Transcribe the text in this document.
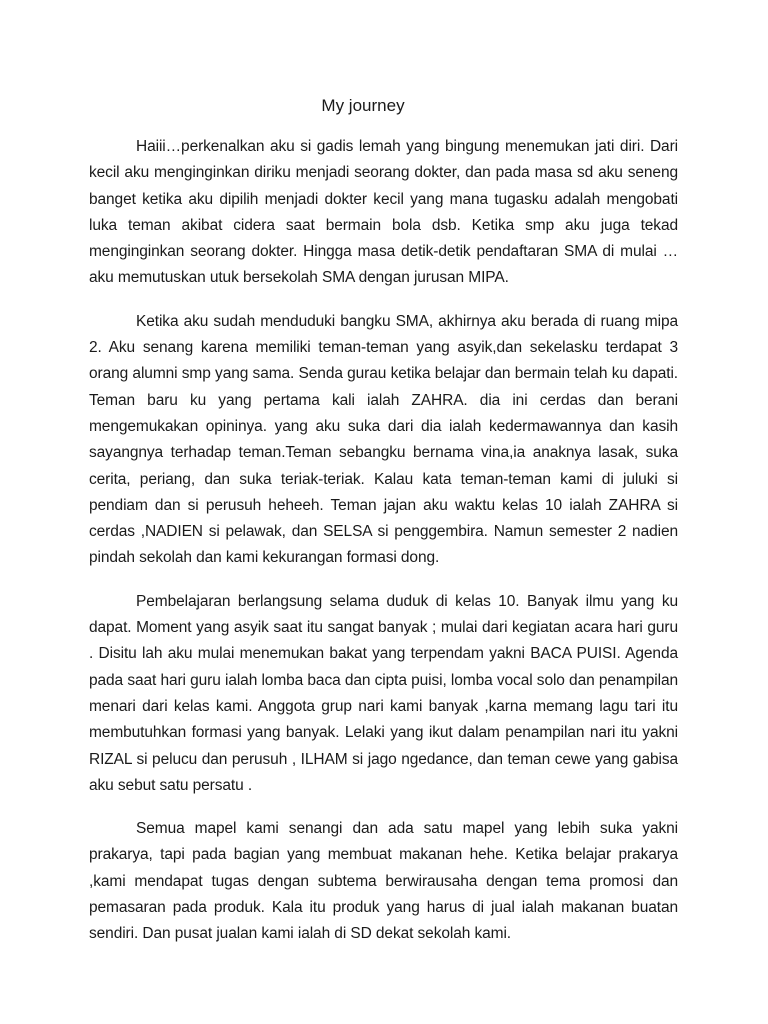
My journey

Haiii…perkenalkan aku si gadis lemah yang bingung menemukan jati diri. Dari kecil aku menginginkan diriku menjadi seorang dokter, dan pada masa sd aku seneng banget ketika aku dipilih menjadi dokter kecil yang mana tugasku adalah mengobati luka teman akibat cidera saat bermain bola dsb. Ketika smp aku juga tekad menginginkan seorang dokter. Hingga masa detik-detik pendaftaran SMA di mulai …aku memutuskan utuk bersekolah SMA dengan jurusan MIPA.

Ketika aku sudah menduduki bangku SMA, akhirnya aku berada di ruang mipa 2. Aku senang karena memiliki teman-teman yang asyik,dan sekelasku terdapat 3 orang alumni smp yang sama. Senda gurau ketika belajar dan bermain telah ku dapati. Teman baru ku yang pertama kali ialah ZAHRA. dia ini cerdas dan berani mengemukakan opininya. yang aku suka dari dia ialah kedermawannya dan kasih sayangnya terhadap teman.Teman sebangku bernama vina,ia anaknya lasak, suka cerita, periang, dan suka teriak-teriak. Kalau kata teman-teman kami di juluki si pendiam dan si perusuh heheeh. Teman jajan aku waktu kelas 10 ialah ZAHRA si cerdas ,NADIEN si pelawak, dan SELSA si penggembira. Namun semester 2 nadien pindah sekolah dan kami kekurangan formasi dong.

Pembelajaran berlangsung selama duduk di kelas 10. Banyak ilmu yang ku dapat. Moment yang asyik saat itu sangat banyak ; mulai dari kegiatan acara hari guru . Disitu lah aku mulai menemukan bakat yang terpendam yakni BACA PUISI. Agenda pada saat hari guru ialah lomba baca dan cipta puisi, lomba vocal solo dan penampilan menari dari kelas kami. Anggota grup nari kami banyak ,karna memang lagu tari itu membutuhkan formasi yang banyak. Lelaki yang ikut dalam penampilan nari itu yakni RIZAL si pelucu dan perusuh , ILHAM si jago ngedance, dan teman cewe yang gabisa aku sebut satu persatu .

Semua mapel kami senangi dan ada satu mapel yang lebih suka yakni prakarya, tapi pada bagian yang membuat makanan hehe. Ketika belajar prakarya ,kami mendapat tugas dengan subtema berwirausaha dengan tema promosi dan pemasaran pada produk. Kala itu produk yang harus di jual ialah makanan buatan sendiri. Dan pusat jualan kami ialah di SD dekat sekolah kami.
